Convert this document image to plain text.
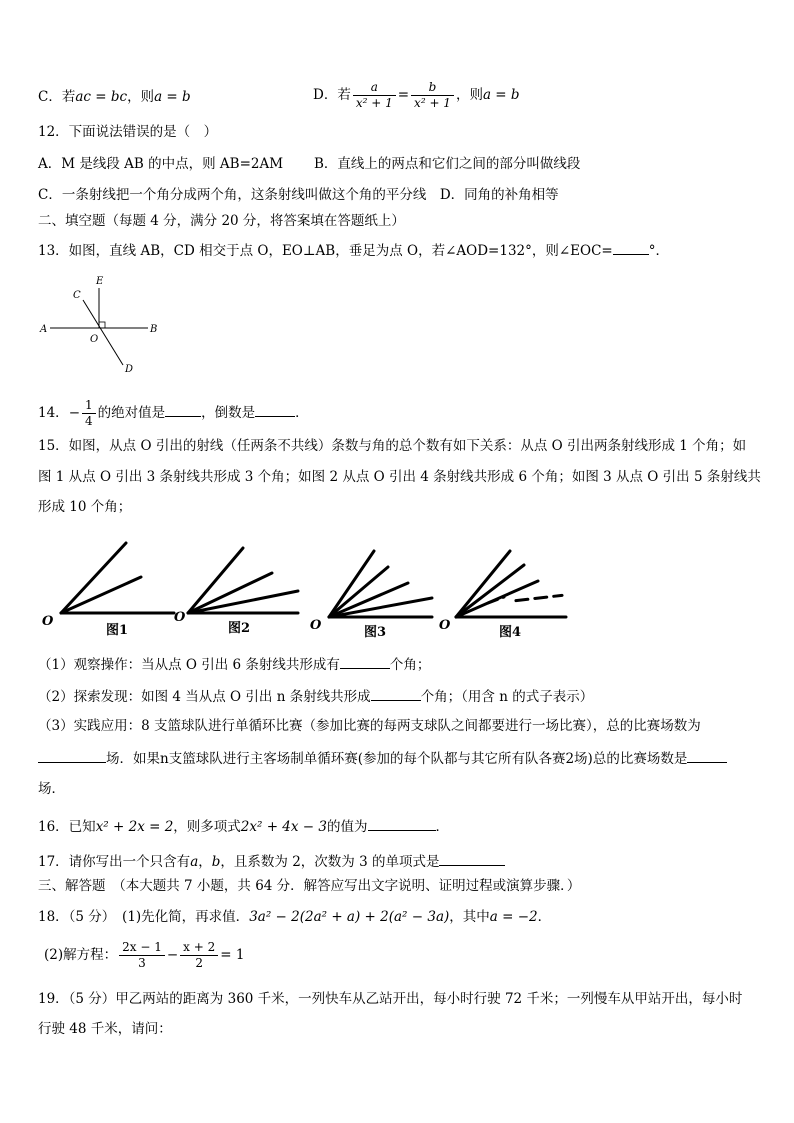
C．若ac = bc，则a = b	D．若 $\frac{a}{\text{x² + 1}} = \frac{b}{\text{x² + 1}}$ ，则a = b
12．下面说法错误的是（　）
A．M 是线段 AB 的中点，则 AB=2AM B．直线上的两点和它们之间的部分叫做线段
C．一条射线把一个角分成两个角，这条射线叫做这个角的平分线　 D．同角的补角相等
二、填空题（每题 4 分，满分 20 分，将答案填在答题纸上）
13．如图，直线 AB，CD 相交于点 O，EO⊥AB，垂足为点 O，若∠AOD=132°，则∠EOC=	°．
A	B
C
D
E
O
14．− $\frac{1}{4}$ 的绝对值是	，倒数是	．
15．如图，从点 O 引出的射线（任两条不共线）条数与角的总个数有如下关系：从点 O 引出两条射线形成 1 个角；如
图 1 从点 O 引出 3 条射线共形成 3 个角；如图 2 从点 O 引出 4 条射线共形成 6 个角；如图 3 从点 O 引出 5 条射线共
形成 10 个角；
O	O
O	O
图1	图2	图3	图4
（1）观察操作：当从点 O 引出 6 条射线共形成有	个角；
（2）探索发现：如图 4 当从点 O 引出 n 条射线共形成	个角；（用含 n 的式子表示）
（3）实践应用：8 支篮球队进行单循环比赛（参加比赛的每两支球队之间都要进行一场比赛），总的比赛场数为
场．如果n支篮球队进行主客场制单循环赛(参加的每个队都与其它所有队各赛2场)总的比赛场数是
场．
16．已知x² + 2x = 2，则多项式2x² + 4x − 3的值为	．
17．请你写出一个只含有a，b，且系数为 2，次数为 3 的单项式是
三、解答题　（本大题共 7 小题，共 64 分．解答应写出文字说明、证明过程或演算步骤．）
18．（5 分）　(1)先化简，再求值．3a² − 2(2a² + a) + 2(a² − 3a)，其中a = −2．
(2)解方程： $\frac{2x - 1}{3} - \frac{x + 2}{2} = 1$
19．（5 分）甲乙两站的距离为 360 千米，一列快车从乙站开出，每小时行驶 72 千米；一列慢车从甲站开出，每小时
行驶 48 千米，请问：
